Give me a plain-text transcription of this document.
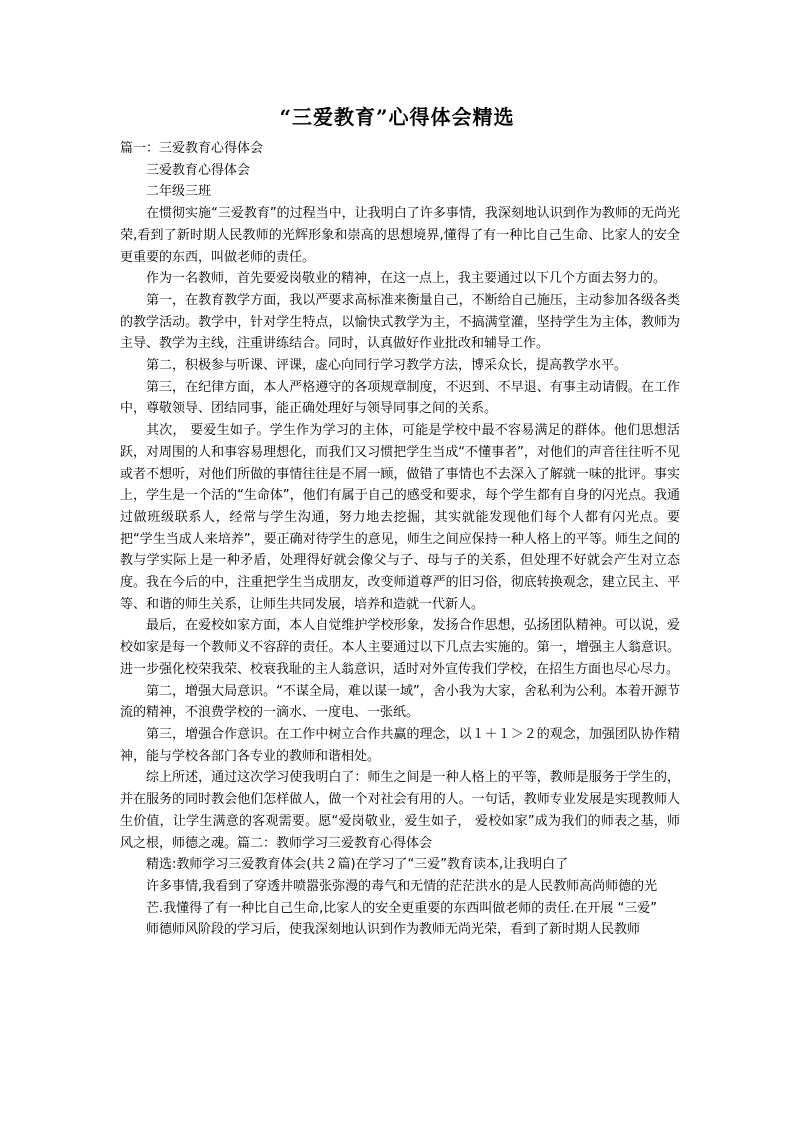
“三爱教育”心得体会精选

篇一：三爱教育心得体会

三爱教育心得体会

二年级三班

在惯彻实施“三爱教育”的过程当中，让我明白了许多事情，我深刻地认识到作为教师的无尚光荣,看到了新时期人民教师的光辉形象和崇高的思想境界,懂得了有一种比自己生命、比家人的安全更重要的东西，叫做老师的责任。

作为一名教师，首先要爱岗敬业的精神，在这一点上，我主要通过以下几个方面去努力的。

第一，在教育教学方面，我以严要求高标准来衡量自己，不断给自己施压，主动参加各级各类的教学活动。教学中，针对学生特点，以愉快式教学为主，不搞满堂灌，坚持学生为主体，教师为主导、教学为主线，注重讲练结合。同时，认真做好作业批改和辅导工作。

第二，积极参与听课、评课，虚心向同行学习教学方法，博采众长，提高教学水平。

第三，在纪律方面，本人严格遵守的各项规章制度，不迟到、不早退、有事主动请假。在工作中，尊敬领导、团结同事，能正确处理好与领导同事之间的关系。

其次， 要爱生如子。学生作为学习的主体，可能是学校中最不容易满足的群体。他们思想活跃，对周围的人和事容易理想化，而我们又习惯把学生当成“不懂事者”，对他们的声音往往听不见或者不想听，对他们所做的事情往往是不屑一顾，做错了事情也不去深入了解就一味的批评。事实上，学生是一个活的“生命体”，他们有属于自己的感受和要求，每个学生都有自身的闪光点。我通过做班级联系人，经常与学生沟通，努力地去挖掘，其实就能发现他们每个人都有闪光点。要把“学生当成人来培养”，要正确对待学生的意见，师生之间应保持一种人格上的平等。师生之间的教与学实际上是一种矛盾，处理得好就会像父与子、母与子的关系，但处理不好就会产生对立态度。我在今后的中，注重把学生当成朋友，改变师道尊严的旧习俗，彻底转换观念，建立民主、平等、和谐的师生关系，让师生共同发展，培养和造就一代新人。

最后，在爱校如家方面，本人自觉维护学校形象，发扬合作思想，弘扬团队精神。可以说，爱校如家是每一个教师义不容辞的责任。本人主要通过以下几点去实施的。第一，增强主人翁意识。进一步强化校荣我荣、校衰我耻的主人翁意识，适时对外宣传我们学校，在招生方面也尽心尽力。

第二，增强大局意识。“不谋全局，难以谋一域”，舍小我为大家，舍私利为公利。本着开源节流的精神，不浪费学校的一滴水、一度电、一张纸。

第三，增强合作意识。在工作中树立合作共赢的理念，以１＋１＞２的观念，加强团队协作精神，能与学校各部门各专业的教师和谐相处。

综上所述，通过这次学习使我明白了：师生之间是一种人格上的平等，教师是服务于学生的，并在服务的同时教会他们怎样做人，做一个对社会有用的人。一句话，教师专业发展是实现教师人生价值，让学生满意的客观需要。愿“爱岗敬业，爱生如子， 爱校如家”成为我们的师表之基，师风之根，师德之魂。篇二：教师学习三爱教育心得体会

精选:教师学习三爱教育体会(共２篇)在学习了“三爱”教育读本,让我明白了

许多事情,我看到了穿透井喷嚣张弥漫的毒气和无情的茫茫洪水的是人民教师高尚师德的光

芒.我懂得了有一种比自己生命,比家人的安全更重要的东西叫做老师的责任.在开展 “三爱”

师德师风阶段的学习后，使我深刻地认识到作为教师无尚光荣，看到了新时期人民教师
